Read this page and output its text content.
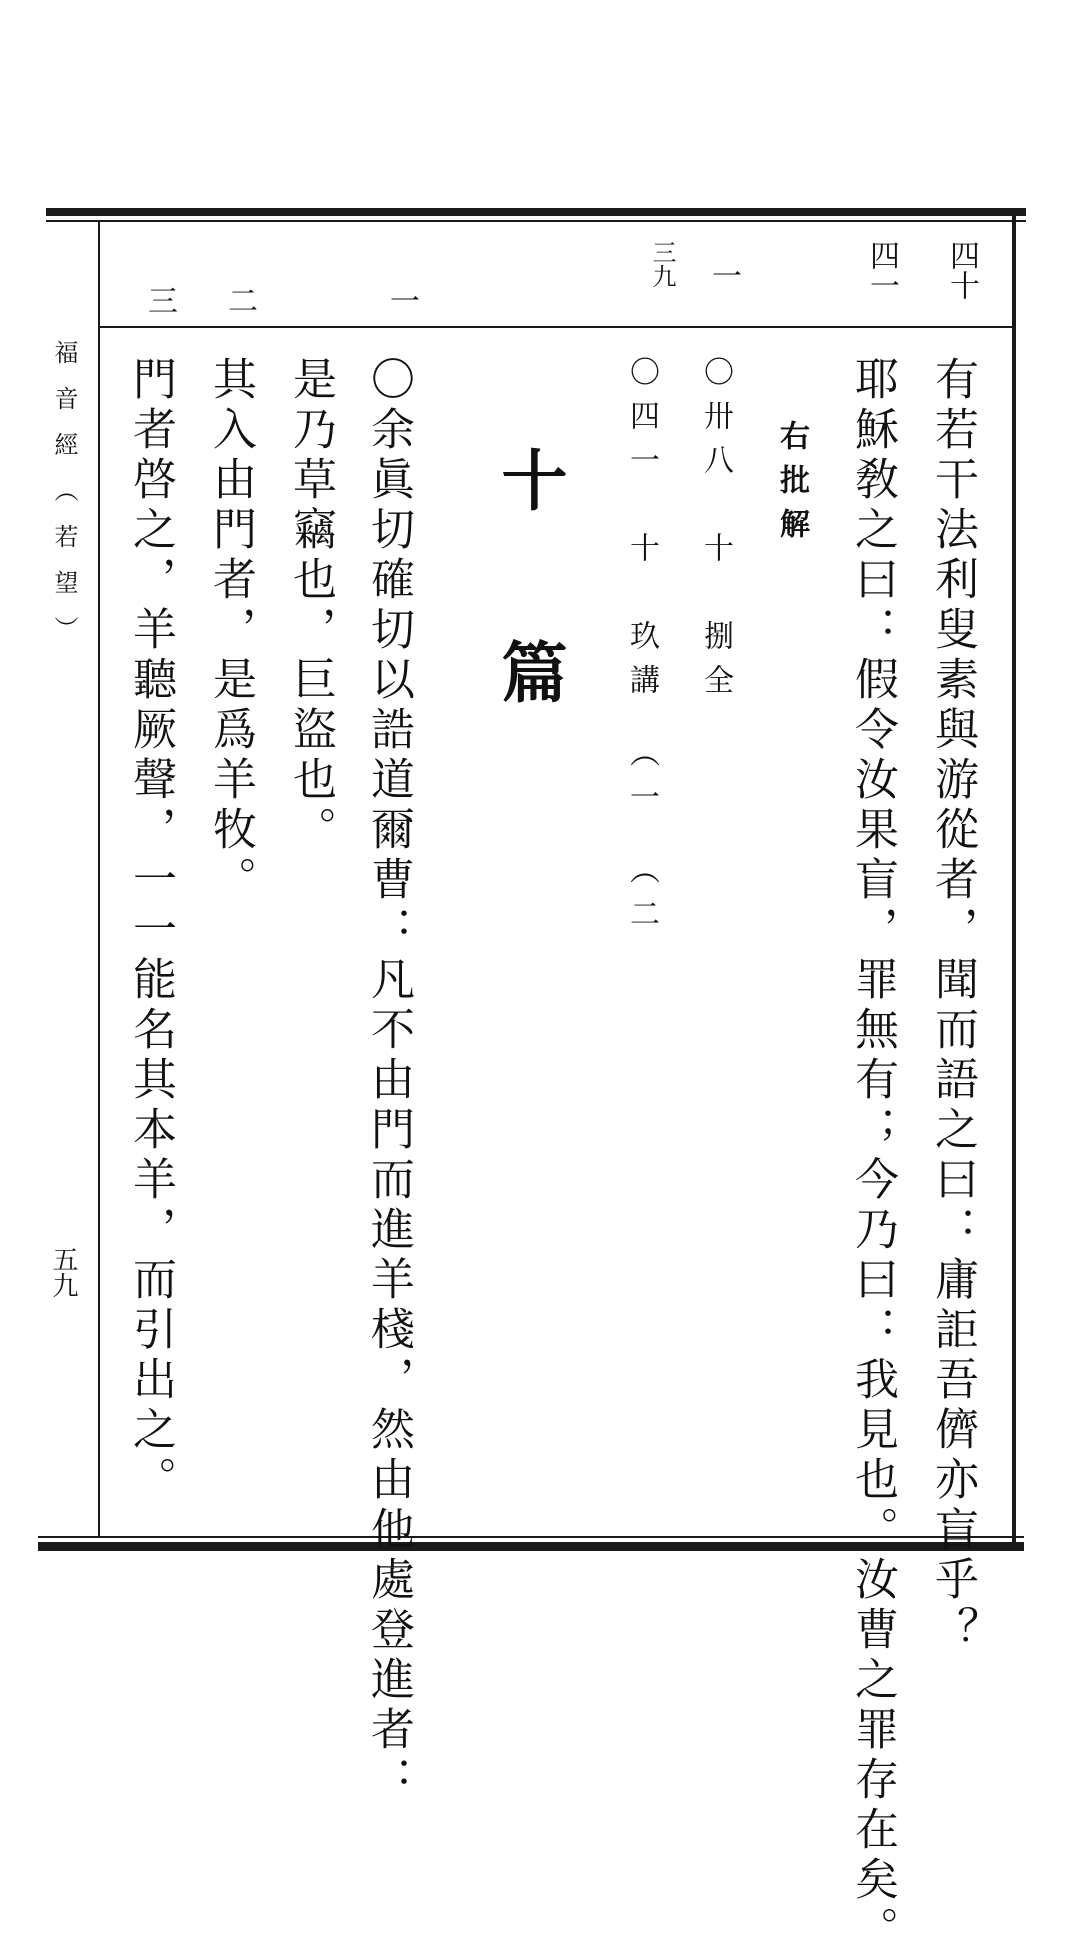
福音經（若望）
五九
四十
四一
三九 一
一
二
三
有若干法利叟素與游從者，聞而語之曰：庸詎吾儕亦盲乎？
耶穌敎之曰：假令汝果盲，罪無有；今乃曰：我見也。汝曹之罪存在矣。
右批解
〇卅八　十　捌全
〇四一　十　玖講　（一　（二
十　篇
〇余眞切確切以誥道爾曹：凡不由門而進羊棧，然由他處登進者：
是乃草竊也，巨盜也。
其入由門者，是爲羊牧。
門者啓之，羊聽厥聲，一一能名其本羊，而引出之。
